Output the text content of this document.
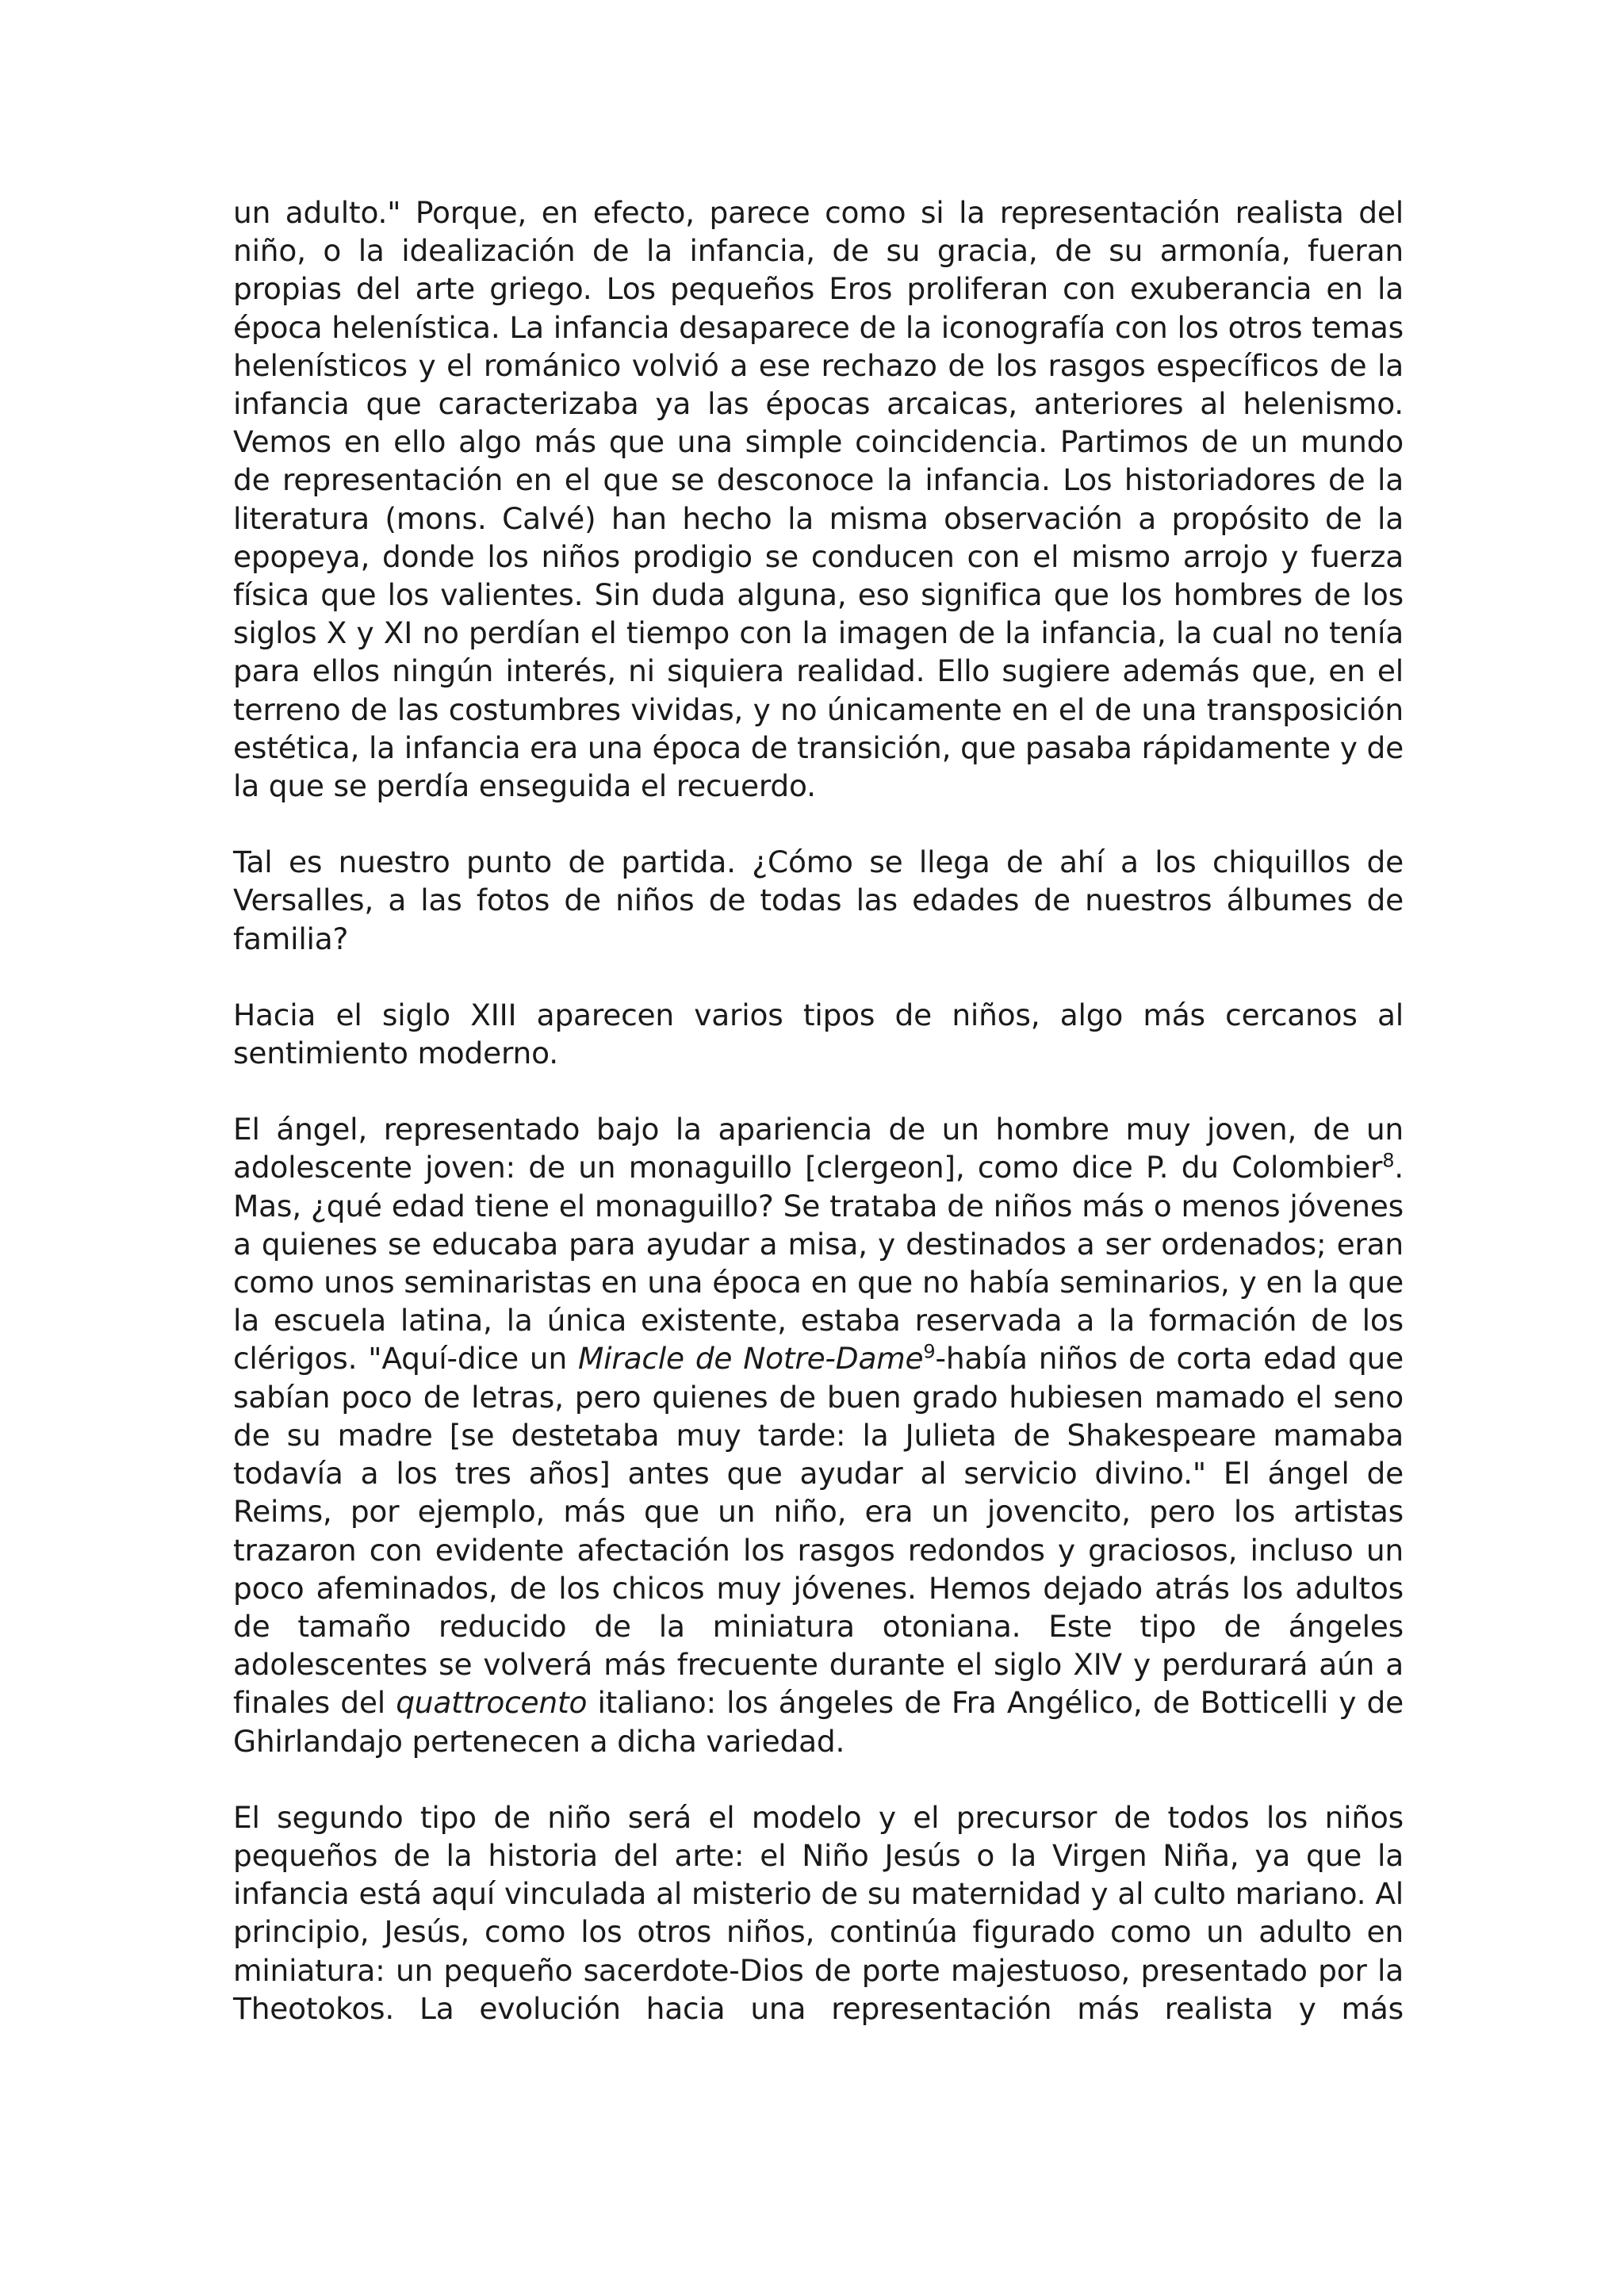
un adulto." Porque, en efecto, parece como si la representación realista del niño, o la idealización de la infancia, de su gracia, de su armonía, fueran propias del arte griego. Los pequeños Eros proliferan con exuberancia en la época helenística. La infancia desaparece de la iconografía con los otros temas helenísticos y el románico volvió a ese rechazo de los rasgos específicos de la infancia que caracterizaba ya las épocas arcaicas, anteriores al helenismo. Vemos en ello algo más que una simple coincidencia. Partimos de un mundo de representación en el que se desconoce la infancia. Los historiadores de la literatura (mons. Calvé) han hecho la misma observación a propósito de la epopeya, donde los niños prodigio se conducen con el mismo arrojo y fuerza física que los valientes. Sin duda alguna, eso significa que los hombres de los siglos X y XI no perdían el tiempo con la imagen de la infancia, la cual no tenía para ellos ningún interés, ni siquiera realidad. Ello sugiere además que, en el terreno de las costumbres vividas, y no únicamente en el de una transposición estética, la infancia era una época de transición, que pasaba rápidamente y de la que se perdía enseguida el recuerdo.

Tal es nuestro punto de partida. ¿Cómo se llega de ahí a los chiquillos de Versalles, a las fotos de niños de todas las edades de nuestros álbumes de familia?

Hacia el siglo XIII aparecen varios tipos de niños, algo más cercanos al sentimiento moderno.

El ángel, representado bajo la apariencia de un hombre muy joven, de un adolescente joven: de un monaguillo [clergeon], como dice P. du Colombier$^8$. Mas, ¿qué edad tiene el monaguillo? Se trataba de niños más o menos jóvenes a quienes se educaba para ayudar a misa, y destinados a ser ordenados; eran como unos seminaristas en una época en que no había seminarios, y en la que la escuela latina, la única existente, estaba reservada a la formación de los clérigos. "Aquí-dice un Miracle de Notre-Dame$^9$-había niños de corta edad que sabían poco de letras, pero quienes de buen grado hubiesen mamado el seno de su madre [se destetaba muy tarde: la Julieta de Shakespeare mamaba todavía a los tres años] antes que ayudar al servicio divino." El ángel de Reims, por ejemplo, más que un niño, era un jovencito, pero los artistas trazaron con evidente afectación los rasgos redondos y graciosos, incluso un poco afeminados, de los chicos muy jóvenes. Hemos dejado atrás los adultos de tamaño reducido de la miniatura otoniana. Este tipo de ángeles adolescentes se volverá más frecuente durante el siglo XIV y perdurará aún a finales del quattrocento italiano: los ángeles de Fra Angélico, de Botticelli y de Ghirlandajo pertenecen a dicha variedad.

El segundo tipo de niño será el modelo y el precursor de todos los niños pequeños de la historia del arte: el Niño Jesús o la Virgen Niña, ya que la infancia está aquí vinculada al misterio de su maternidad y al culto mariano. Al principio, Jesús, como los otros niños, continúa figurado como un adulto en miniatura: un pequeño sacerdote-Dios de porte majestuoso, presentado por la Theotokos. La evolución hacia una representación más realista y más
